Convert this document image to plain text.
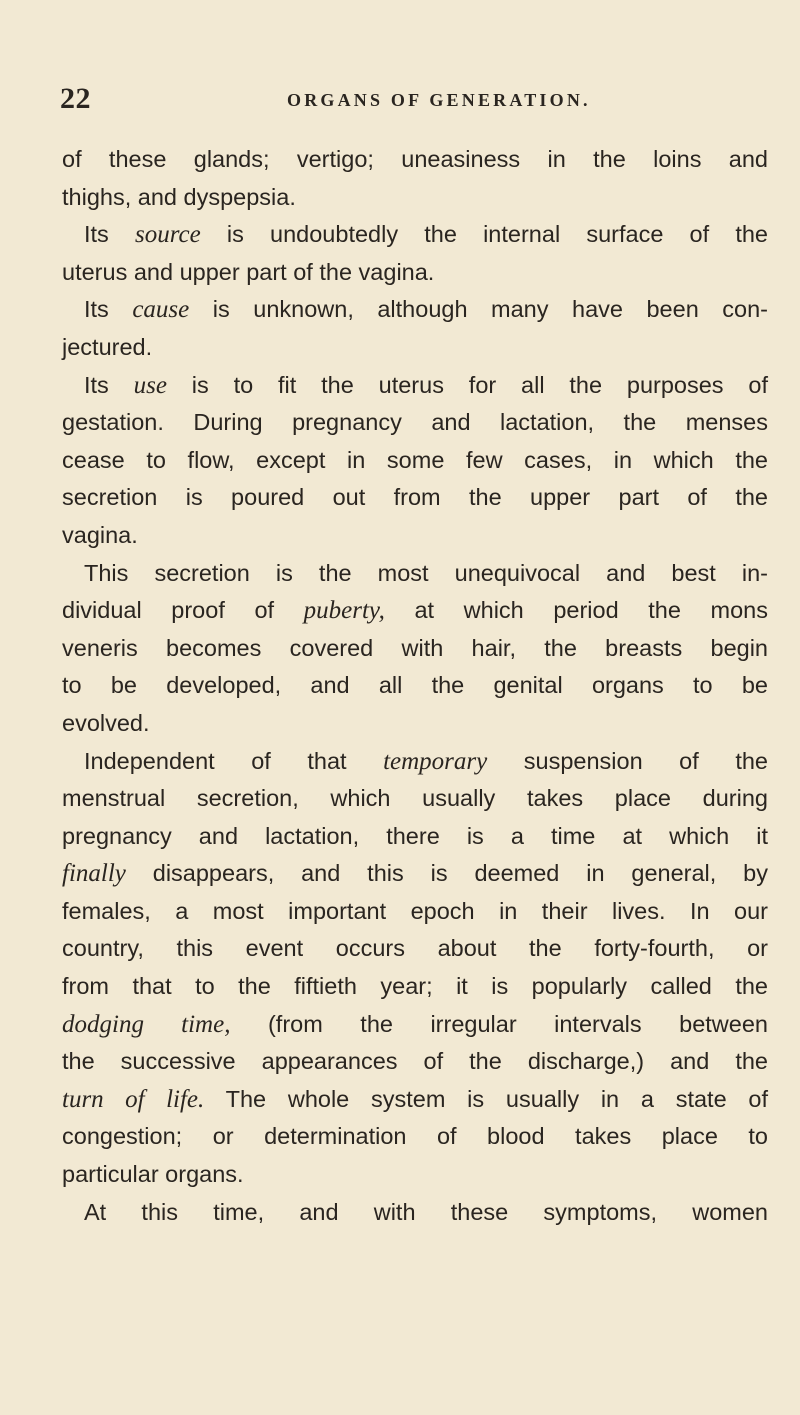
22	ORGANS OF GENERATION.
of these glands; vertigo; uneasiness in the loins and
thighs, and dyspepsia.
Its source is undoubtedly the internal surface of the
uterus and upper part of the vagina.
Its cause is unknown, although many have been con-
jectured.
Its use is to fit the uterus for all the purposes of
gestation. During pregnancy and lactation, the menses
cease to flow, except in some few cases, in which the
secretion is poured out from the upper part of the
vagina.
This secretion is the most unequivocal and best in-
dividual proof of puberty, at which period the mons
veneris becomes covered with hair, the breasts begin
to be developed, and all the genital organs to be
evolved.
Independent of that temporary suspension of the
menstrual secretion, which usually takes place during
pregnancy and lactation, there is a time at which it
finally disappears, and this is deemed in general, by
females, a most important epoch in their lives. In our
country, this event occurs about the forty-fourth, or
from that to the fiftieth year; it is popularly called the
dodging time, (from the irregular intervals between
the successive appearances of the discharge,) and the
turn of life. The whole system is usually in a state of
congestion; or determination of blood takes place to
particular organs.
At this time, and with these symptoms, women
